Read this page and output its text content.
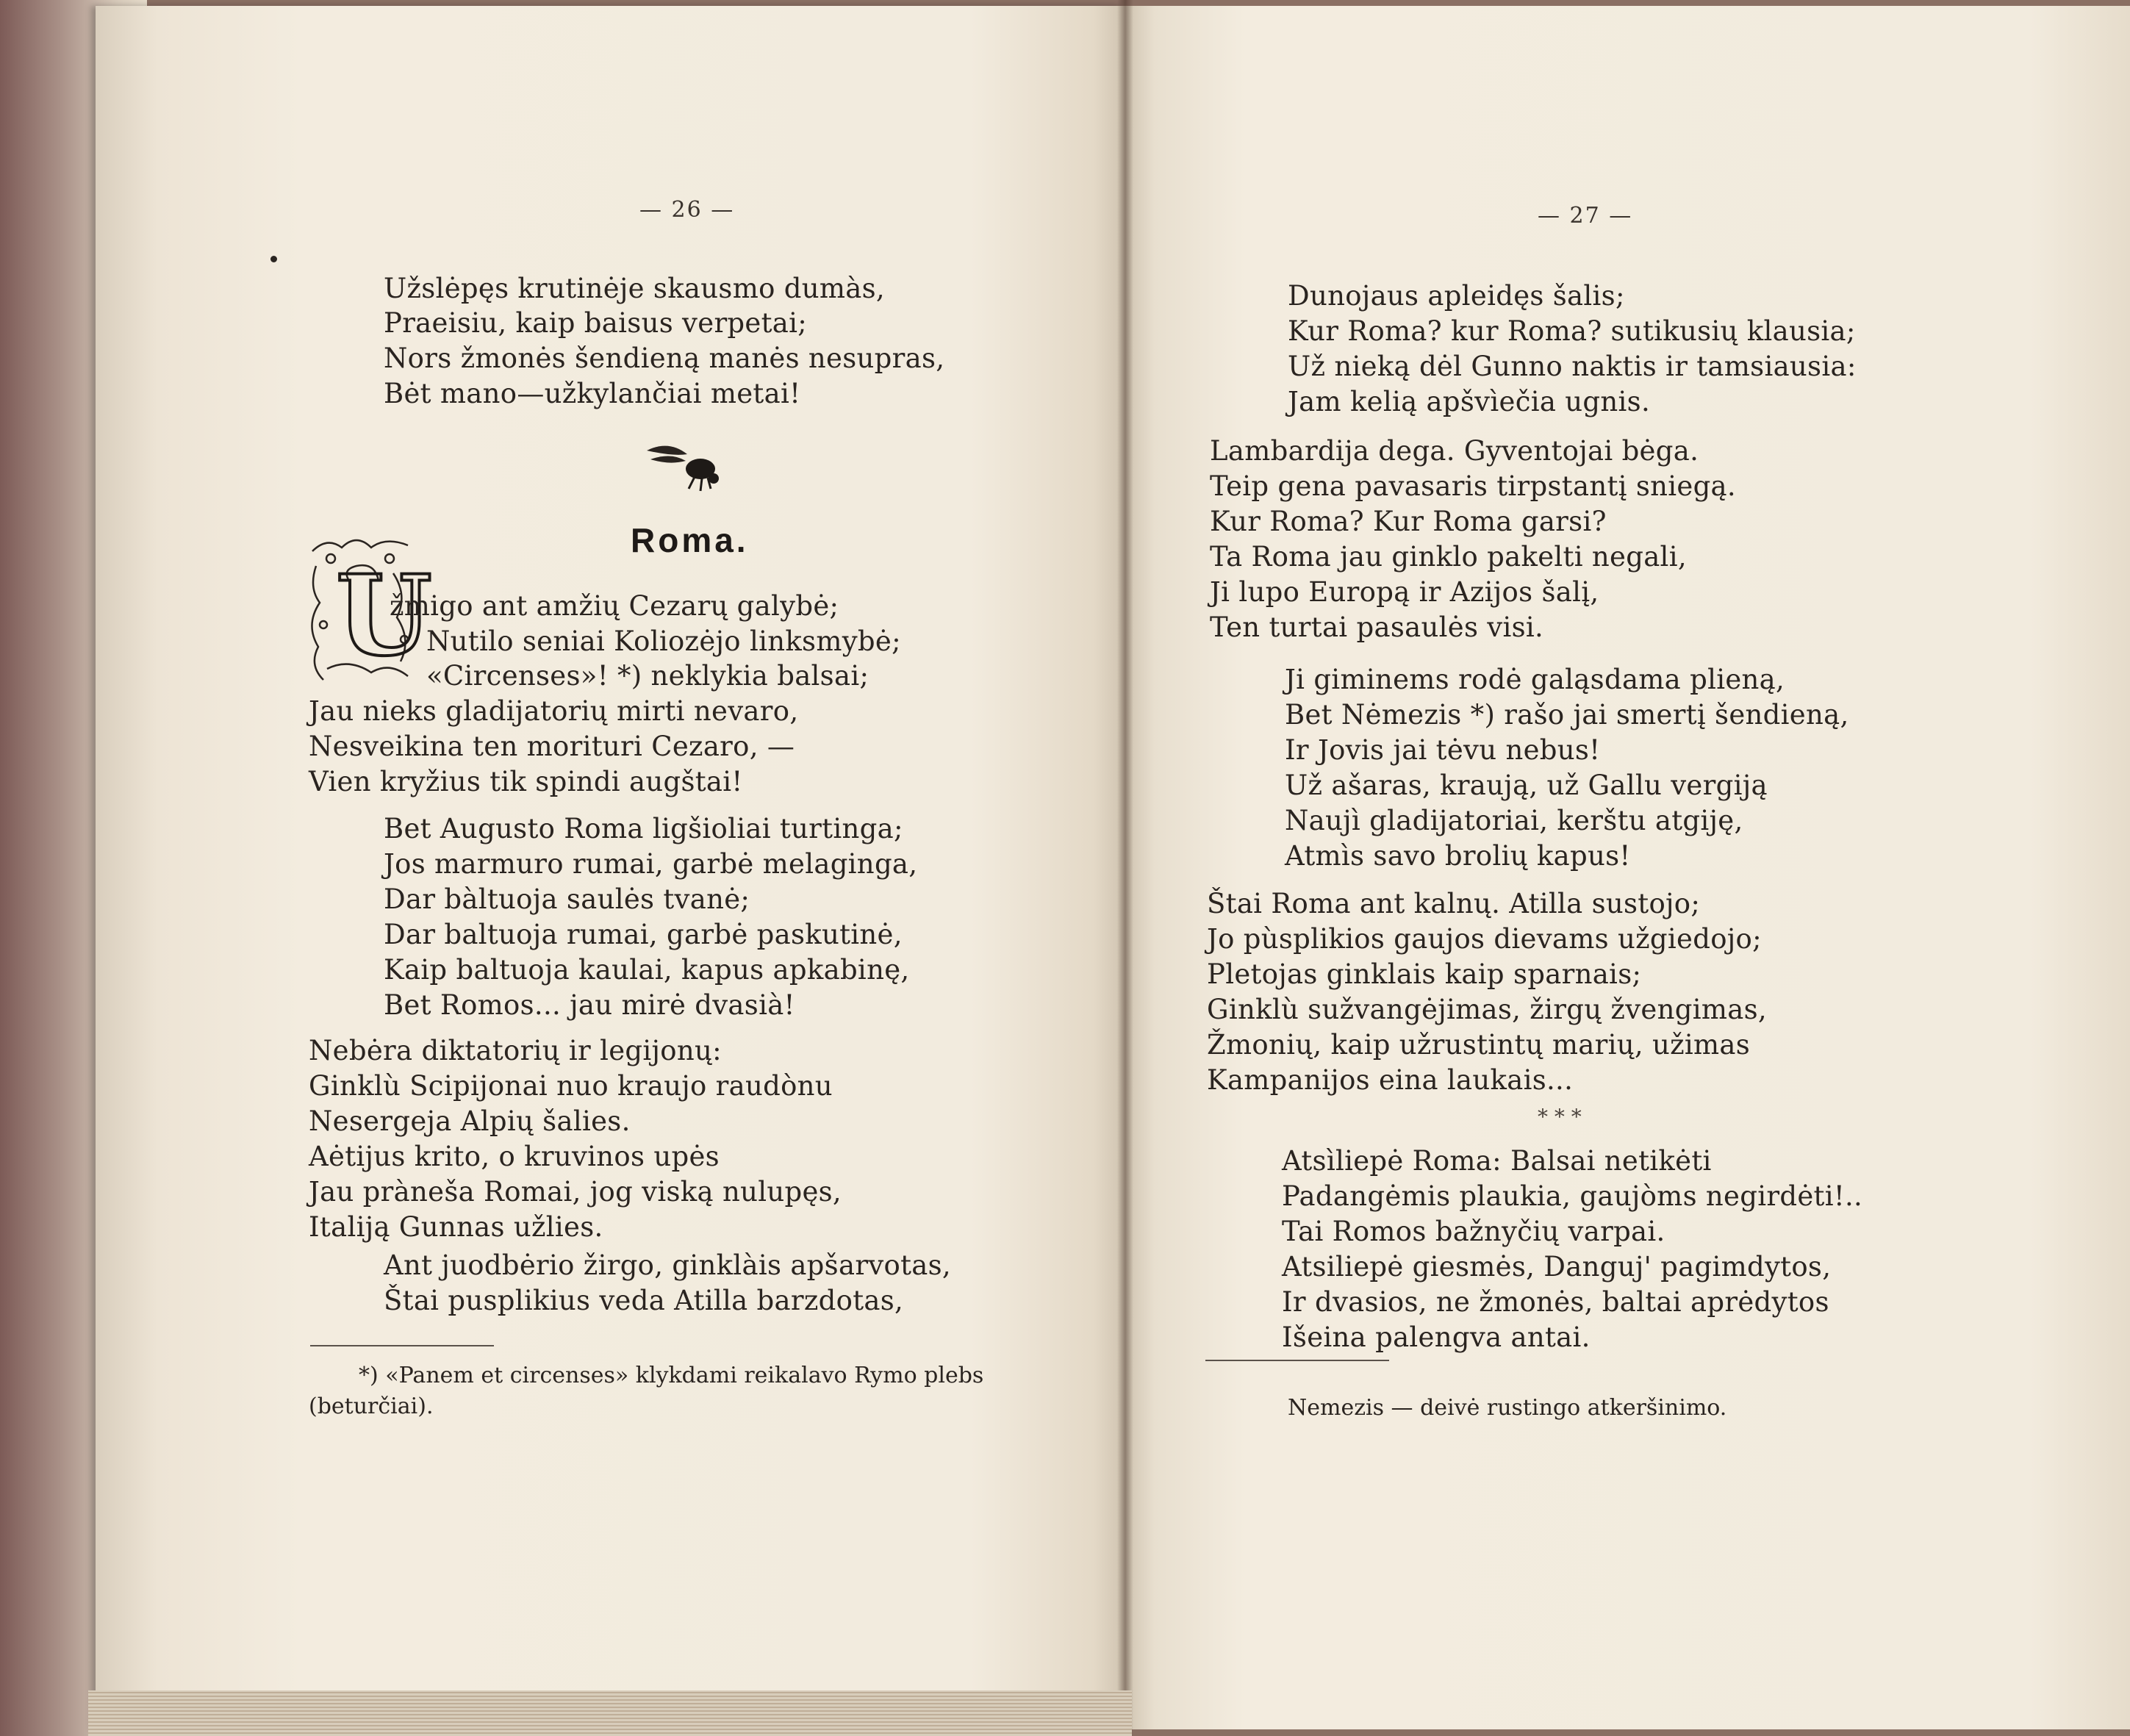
— 26 —
Užslėpęs krutinėje skausmo dumàs,
Praeisiu, kaip baisus verpetai;
Nors žmonės šendieną manės nesupras,
Bėt mano—užkylančiai metai!
Roma.
U
žmigo ant amžių Cezarų galybė;
Nutilo seniai Koliozėjo linksmybė;
«Circenses»! *) neklykia balsai;
Jau nieks gladijatorių mirti nevaro,
Nesveikina ten morituri Cezaro, —
Vien kryžius tik spindi augštai!
Bet Augusto Roma ligšioliai turtinga;
Jos marmuro rumai, garbė melaginga,
Dar bàltuoja saulės tvanė;
Dar baltuoja rumai, garbė paskutinė,
Kaip baltuoja kaulai, kapus apkabinę,
Bet Romos... jau mirė dvasià!
Nebėra diktatorių ir legijonų:
Ginklù Scipijonai nuo kraujo raudònu
Nesergeja Alpių šalies.
Aėtijus krito, o kruvinos upės
Jau prànešа Romai, jog viską nulupęs,
Italiją Gunnas užlies.
Ant juodbėrio žirgo, ginklàis apšarvotas,
Štai pusplikius veda Atilla barzdotas,
*) «Panem et circenses» klykdami reikalavo Rymo plebs
(beturčiai).
— 27 —
Dunojaus apleidęs šalis;
Kur Roma? kur Roma? sutikusių klausia;
Už nieką dėl Gunno naktis ir tamsiausia:
Jam kelią apšvìečia ugnis.
Lambardija dega. Gyventojai bėga.
Teip gena pavasaris tirpstantį sniegą.
Kur Roma? Kur Roma garsi?
Ta Roma jau ginklo pakelti negali,
Ji lupo Europą ir Azijos šalį,
Ten turtai pasaulės visi.
Ji giminems rodė galąsdama plieną,
Bet Nėmezis *) rašo jai smertį šendieną,
Ir Jovis jai tėvu nebus!
Už ašaras, kraują, už Gallu vergiją
Naujì gladijatoriai, kerštu atgiję,
Atmìs savo brolių kapus!
Štai Roma ant kalnų. Atilla sustojo;
Jo pùsplikios gaujos dievams užgiedojo;
Pletojas ginklais kaip sparnais;
Ginklù sužvangėjimas, žirgų žvengimas,
Žmonių, kaip užrustintų marių, užimas
Kampanijos eina laukais...
* * *
Atsìliepė Roma: Balsai netikėti
Padangėmis plaukia, gaujòms negirdėti!..
Tai Romos bažnyčių varpai.
Atsiliepė giesmės, Danguj' pagimdytos,
Ir dvasios, ne žmonės, baltai aprėdytos
Išeina palengva antai.
Nemezis — deivė rustingo atkeršinimo.
